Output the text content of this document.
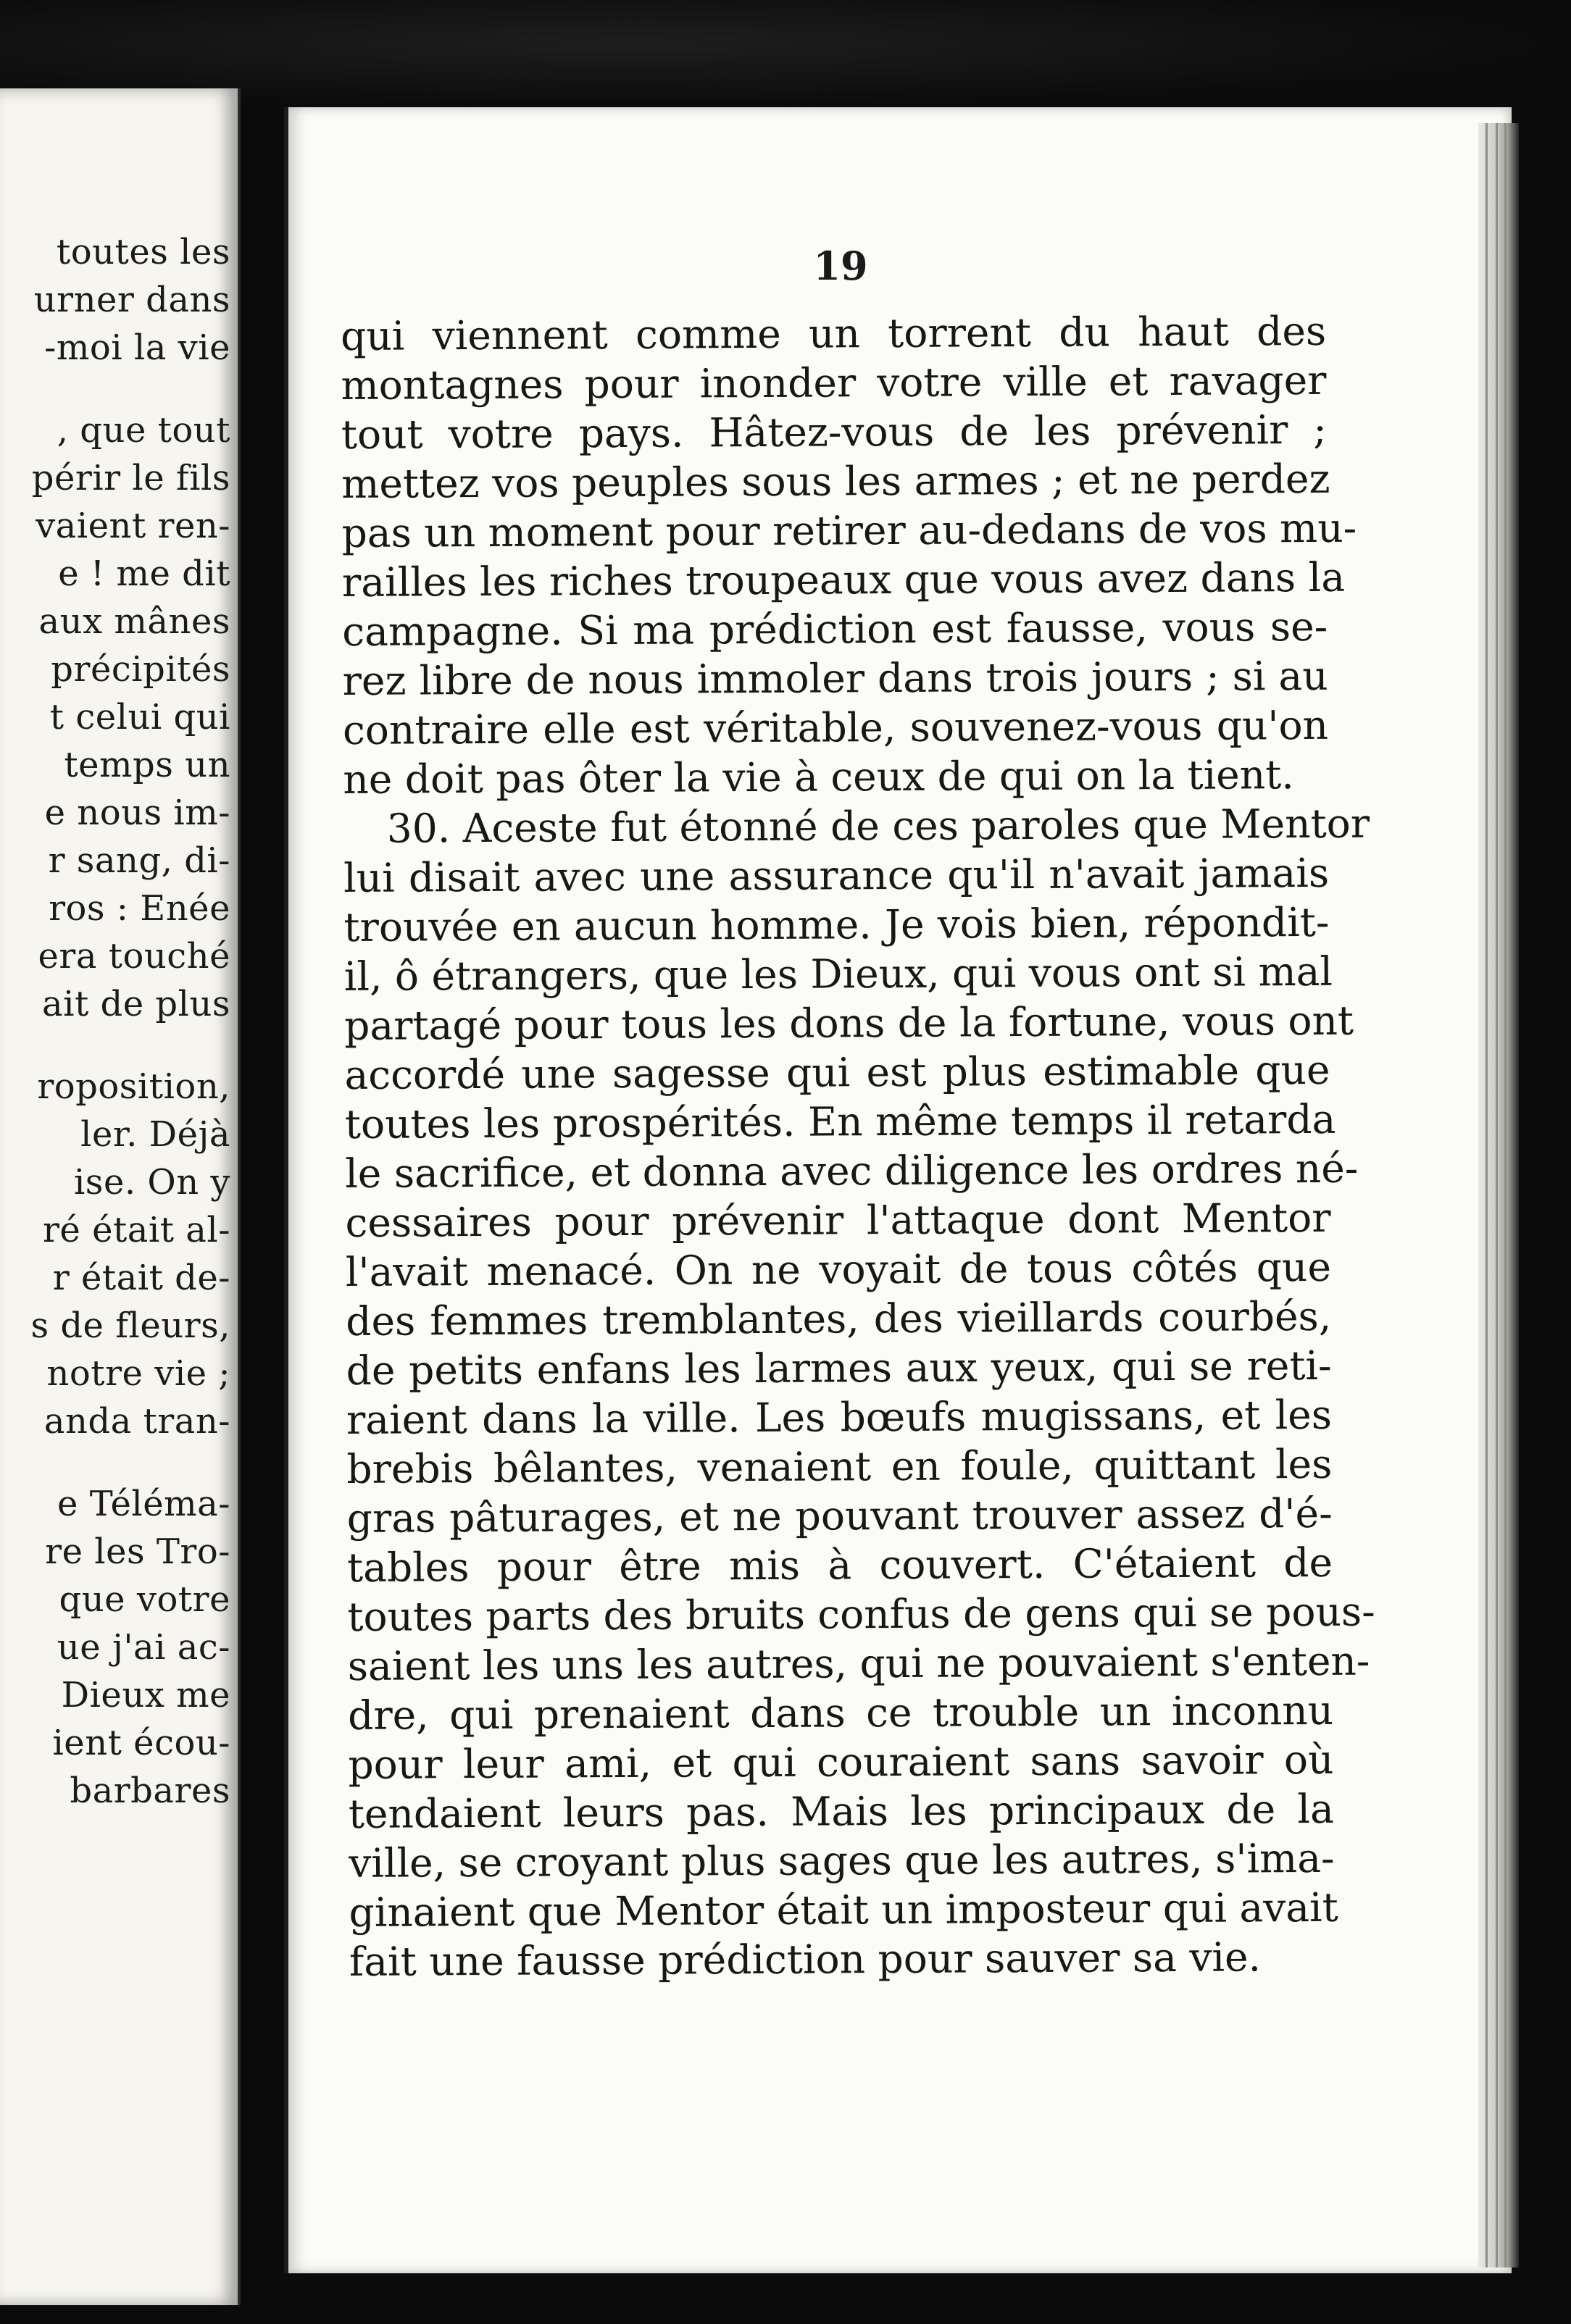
toutes les
urner dans
-moi la vie
, que tout
périr le fils
vaient ren-
e ! me dit
aux mânes
précipités
t celui qui
temps un
e nous im-
r sang, di-
ros : Enée
era touché
ait de plus
roposition,
ler. Déjà
ise. On y
ré était al-
r était de-
s de fleurs,
notre vie ;
anda tran-
e Téléma-
re les Tro-
que votre
ue j'ai ac-
Dieux me
ient écou-
barbares
19
qui viennent comme un torrent du haut des
montagnes pour inonder votre ville et ravager
tout votre pays. Hâtez-vous de les prévenir ;
mettez vos peuples sous les armes ; et ne perdez
pas un moment pour retirer au-dedans de vos mu-
railles les riches troupeaux que vous avez dans la
campagne. Si ma prédiction est fausse, vous se-
rez libre de nous immoler dans trois jours ; si au
contraire elle est véritable, souvenez-vous qu'on
ne doit pas ôter la vie à ceux de qui on la tient.
30. Aceste fut étonné de ces paroles que Mentor
lui disait avec une assurance qu'il n'avait jamais
trouvée en aucun homme. Je vois bien, répondit-
il, ô étrangers, que les Dieux, qui vous ont si mal
partagé pour tous les dons de la fortune, vous ont
accordé une sagesse qui est plus estimable que
toutes les prospérités. En même temps il retarda
le sacrifice, et donna avec diligence les ordres né-
cessaires pour prévenir l'attaque dont Mentor
l'avait menacé. On ne voyait de tous côtés que
des femmes tremblantes, des vieillards courbés,
de petits enfans les larmes aux yeux, qui se reti-
raient dans la ville. Les bœufs mugissans, et les
brebis bêlantes, venaient en foule, quittant les
gras pâturages, et ne pouvant trouver assez d'é-
tables pour être mis à couvert. C'étaient de
toutes parts des bruits confus de gens qui se pous-
saient les uns les autres, qui ne pouvaient s'enten-
dre, qui prenaient dans ce trouble un inconnu
pour leur ami, et qui couraient sans savoir où
tendaient leurs pas. Mais les principaux de la
ville, se croyant plus sages que les autres, s'ima-
ginaient que Mentor était un imposteur qui avait
fait une fausse prédiction pour sauver sa vie.
